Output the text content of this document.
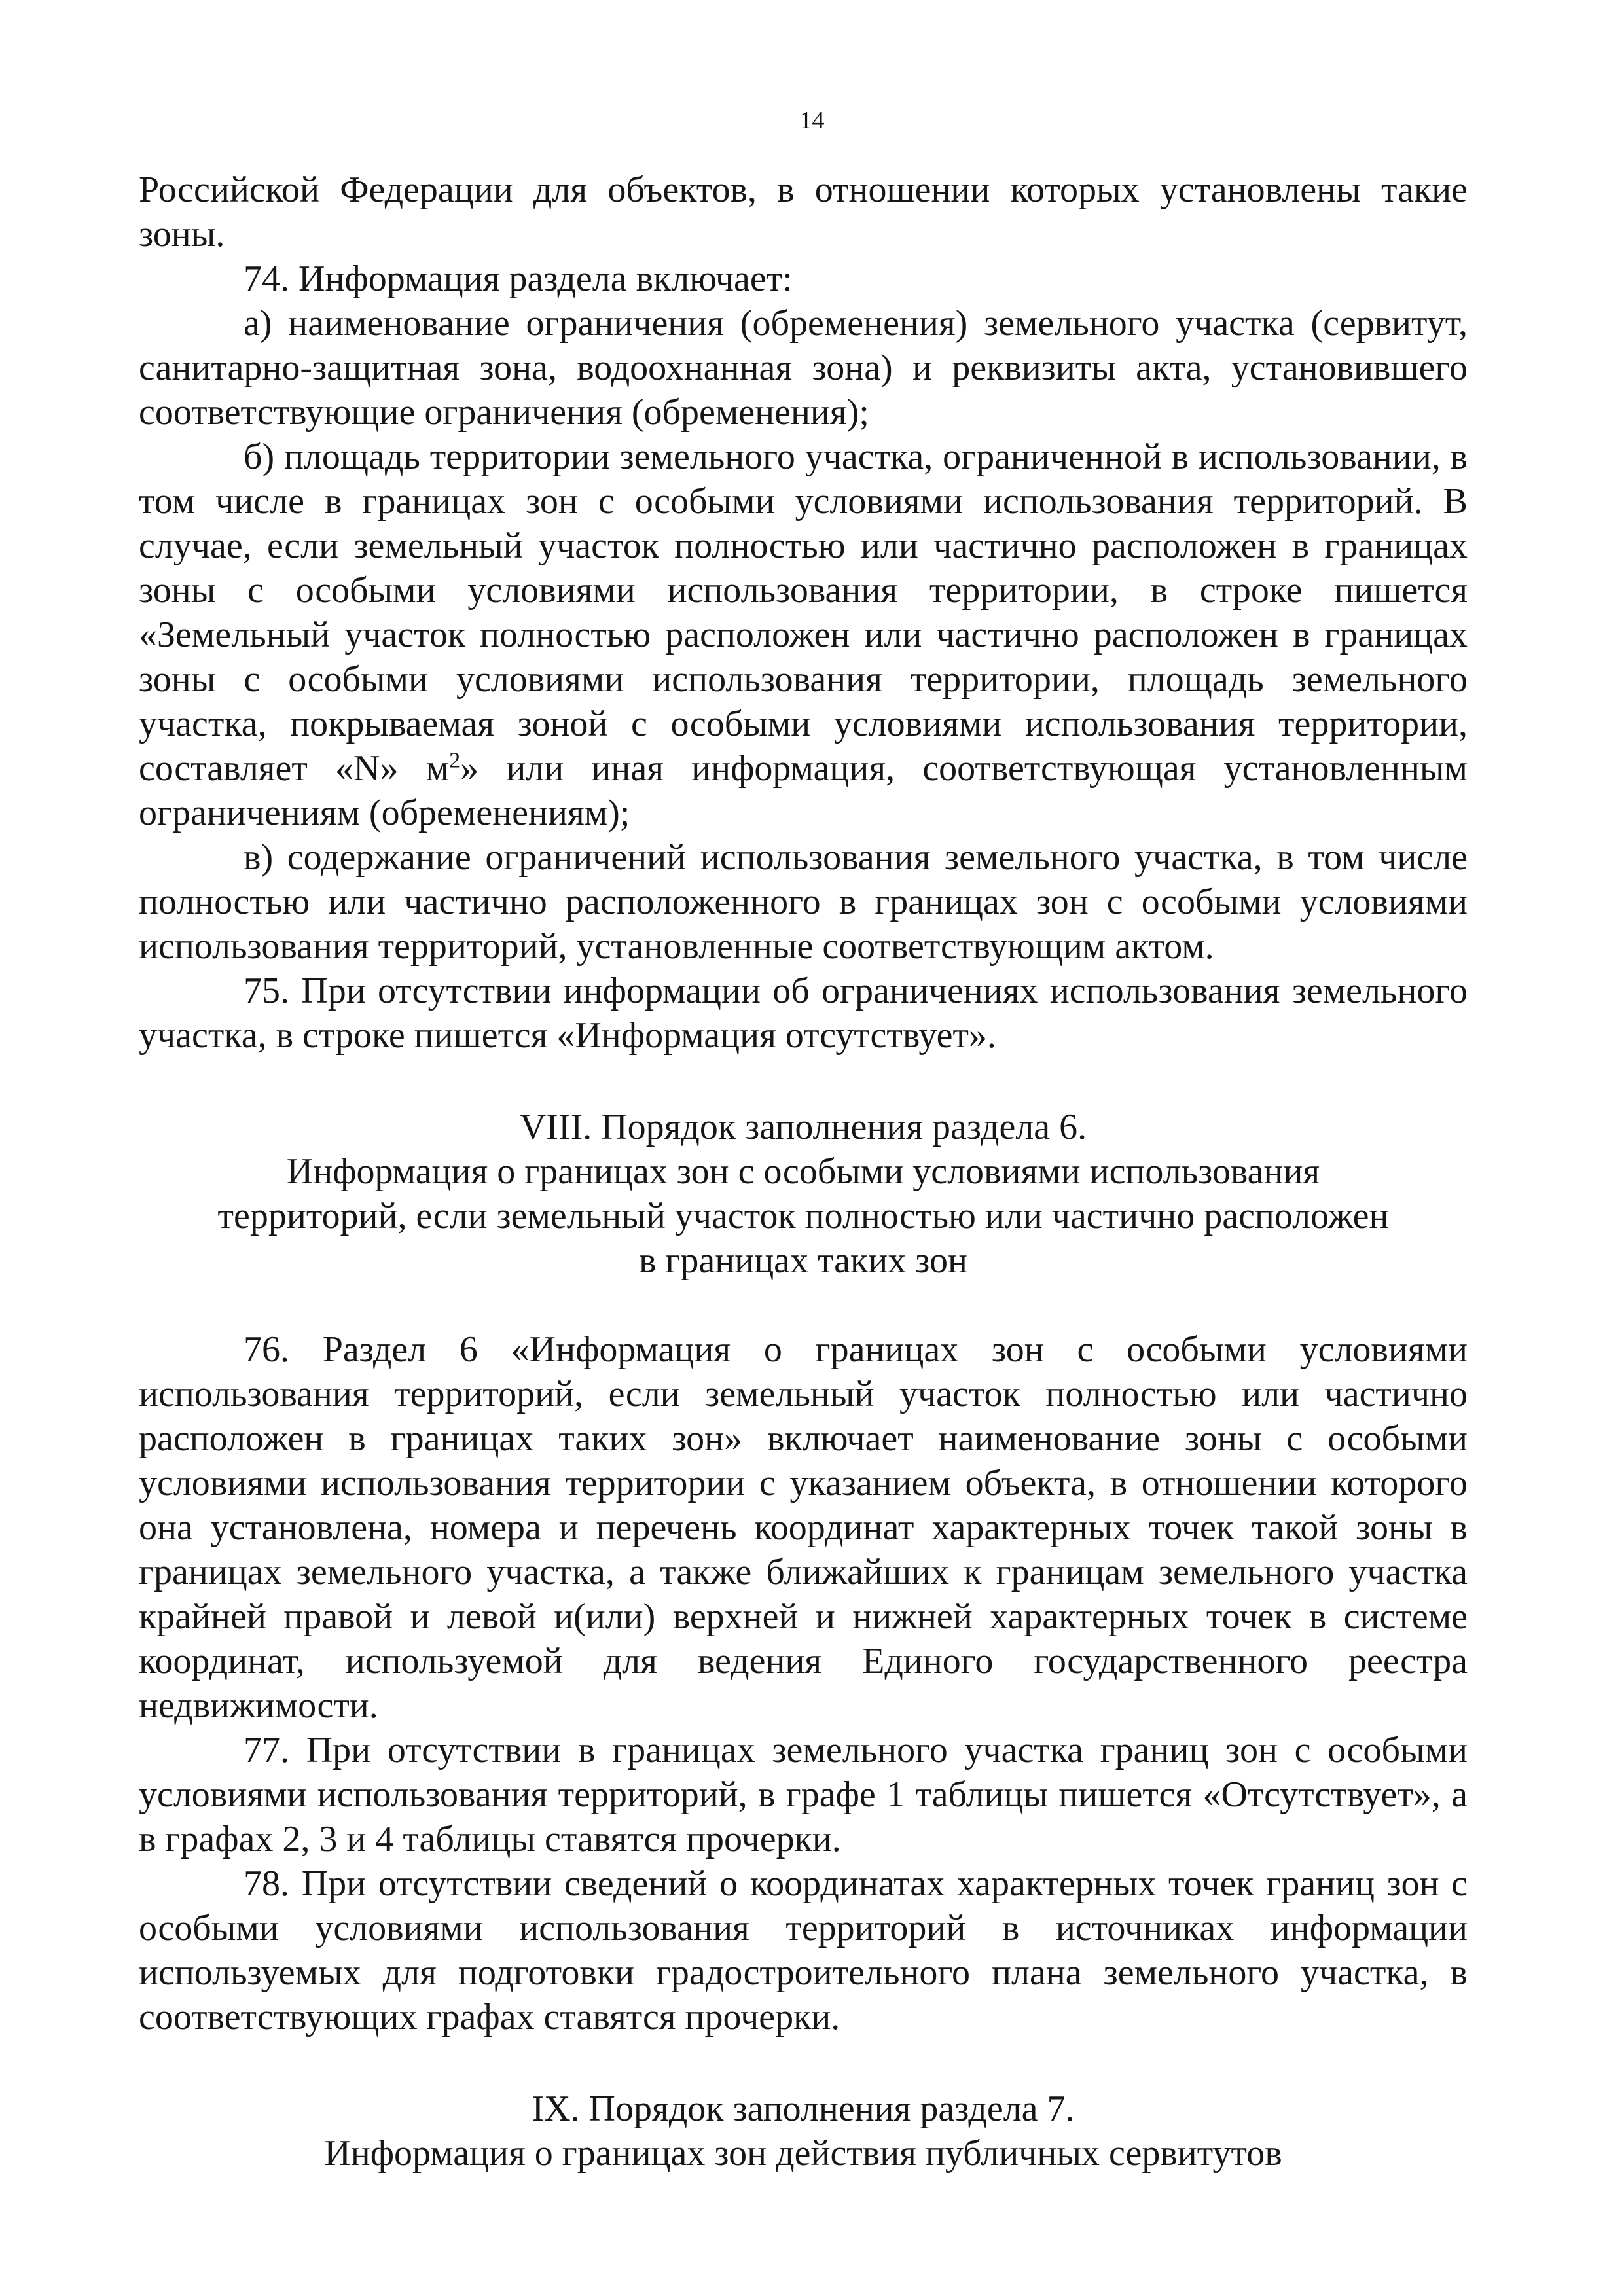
14

Российской Федерации для объектов, в отношении которых установлены такие зоны.

74. Информация раздела включает:

а) наименование ограничения (обременения) земельного участка (сервитут, санитарно-защитная зона, водоохнанная зона) и реквизиты акта, установившего соответствующие ограничения (обременения);

б) площадь территории земельного участка, ограниченной в использовании, в том числе в границах зон с особыми условиями использования территорий. В случае, если земельный участок полностью или частично расположен в границах зоны с особыми условиями использования территории, в строке пишется «Земельный участок полностью расположен или частично расположен в границах зоны с особыми условиями использования территории, площадь земельного участка, покрываемая зоной с особыми условиями использования территории, составляет «N» $м^2$» или иная информация, соответствующая установленным ограничениям (обременениям);

в) содержание ограничений использования земельного участка, в том числе полностью или частично расположенного в границах зон с особыми условиями использования территорий, установленные соответствующим актом.

75. При отсутствии информации об ограничениях использования земельного участка, в строке пишется «Информация отсутствует».

VIII. Порядок заполнения раздела 6.
Информация о границах зон с особыми условиями использования
территорий, если земельный участок полностью или частично расположен
в границах таких зон

76. Раздел 6 «Информация о границах зон с особыми условиями использования территорий, если земельный участок полностью или частично расположен в границах таких зон» включает наименование зоны с особыми условиями использования территории с указанием объекта, в отношении которого она установлена, номера и перечень координат характерных точек такой зоны в границах земельного участка, а также ближайших к границам земельного участка крайней правой и левой и(или) верхней и нижней характерных точек в системе координат, используемой для ведения Единого государственного реестра недвижимости.

77. При отсутствии в границах земельного участка границ зон с особыми условиями использования территорий, в графе 1 таблицы пишется «Отсутствует», а в графах 2, 3 и 4 таблицы ставятся прочерки.

78. При отсутствии сведений о координатах характерных точек границ зон с особыми условиями использования территорий в источниках информации используемых для подготовки градостроительного плана земельного участка, в соответствующих графах ставятся прочерки.

IX. Порядок заполнения раздела 7.
Информация о границах зон действия публичных сервитутов
